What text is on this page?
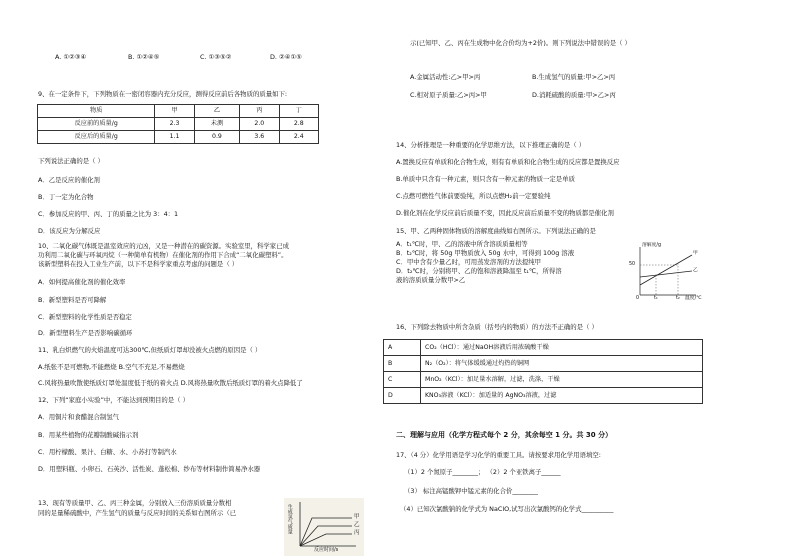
A. ①②③④	B. ①②④⑤	C. ①③⑤②	D. ②④①⑤
9、在一定条件下，下列物质在一密闭容器内充分反应，测得反应前后各物质的质量如下:
物质	甲	乙	丙	丁
反应前的质量/g	2.3	未测	2.0	2.8
反应后的质量/g	1.1	0.9	3.6	2.4
下列说法正确的是（ ）
A．乙是反应的催化剂
B．丁一定为化合物
C．参加反应的甲、丙、丁的质量之比为 3：4：1
D．该反应为分解反应
10、二氧化碳气体既是温室效应的元凶，又是一种潜在的碳资源。实验室里，科学家已成
功利用二氧化碳与环氧丙烷（一种简单有机物）在催化剂的作用下合成“二氧化碳塑料”。
该新型塑料在投入工业生产前，以下不是科学家重点考虑的问题是（ ）
A．如何提高催化剂的催化效率
B．新型塑料是否可降解
C．新型塑料的化学性质是否稳定
D．新型塑料生产是否影响碳循环
11、乳白炽燃气的火焰温度可达300℃,但纸质灯罩却没被火点燃的原因是（ ）
A.纸张不是可燃物,不能燃烧 B.空气不充足,不易燃烧
C.风将热量吹散使纸质灯罩处温度低于纸的着火点 D.风将热量吹散后纸质灯罩的着火点降低了
12、下列“家庭小实验”中，不能达到预期目的是（ ）
A．用铜片和食醋混合制氢气
B．用某些植物的花瓣制酸碱指示剂
C．用柠檬酸、果汁、白糖、水、小苏打等制汽水
D．用塑料瓶、小卵石、石英沙、活性炭、蓬松棉、纱布等材料制作简易净水器
13、现有等质量甲、乙、丙三种金属，分别放入三份溶质质量分数相
同的足量稀硫酸中，产生氢气的质量与反应时间的关系如右图所示（已	生成氢气质量	甲
乙
丙
反应时间/s
示(已知甲、乙、丙在生成物中化合价均为+2价)。则下列说法中错误的是（ ）
A.金属活动性:乙>甲>丙	B.生成氢气的质量:甲>乙>丙
C.相对原子质量:乙>丙>甲	D.消耗硫酸的质量:甲>乙>丙
14、分析推理是一种重要的化学思维方法，以下推理正确的是（ ）
A.置换反应有单质和化合物生成，则有有单质和化合物生成的反应都是置换反应
B.单质中只含有一种元素，则只含有一种元素的物质一定是单质
C.点燃可燃性气体前要验纯，所以点燃H₂前一定要验纯
D.催化剂在化学反应前后质量不变，因此反应前后质量不变的物质都是催化剂
15、甲、乙两种固体物质的溶解度曲线如右图所示。下列说法正确的是
A．t₁℃时，甲、乙的溶液中所含溶质质量相等
B．t₂℃时，将 50g 甲物质放入 50g 水中，可得到 100g 溶液
C．甲中含有少量乙时，可用蒸发溶剂的方法提纯甲
D．t₂℃时，分别将甲、乙的饱和溶液降温至 t₁℃，所得溶
液的溶质质量分数甲>乙
溶解度/g
50
0	t₁	t₂ 温度/℃
甲
乙
16、下列除去物质中所含杂质（括号内的物质）的方法不正确的是（ ）
A	CO₂（HCl）：通过NaOH溶液后用浓硫酸干燥
B	N₂（O₂）：将气体缓缓通过灼热的铜网
C	MnO₂（KCl）：加足量水溶解，过滤，洗涤，干燥
D	KNO₃溶液（KCl）：加适量的 AgNO₃溶液，过滤
二、理解与应用（化学方程式每个 2 分，其余每空 1 分。共 30 分）
17、（4 分）化学用语是学习化学的重要工具。请按要求用化学用语填空:
（1）2 个氮原子________； （2）2 个亚铁离子______
（3） 标注高锰酸钾中锰元素的化合价________
（4）已知次氯酸钠的化学式为 NaClO,试写出次氯酸钙的化学式__________
